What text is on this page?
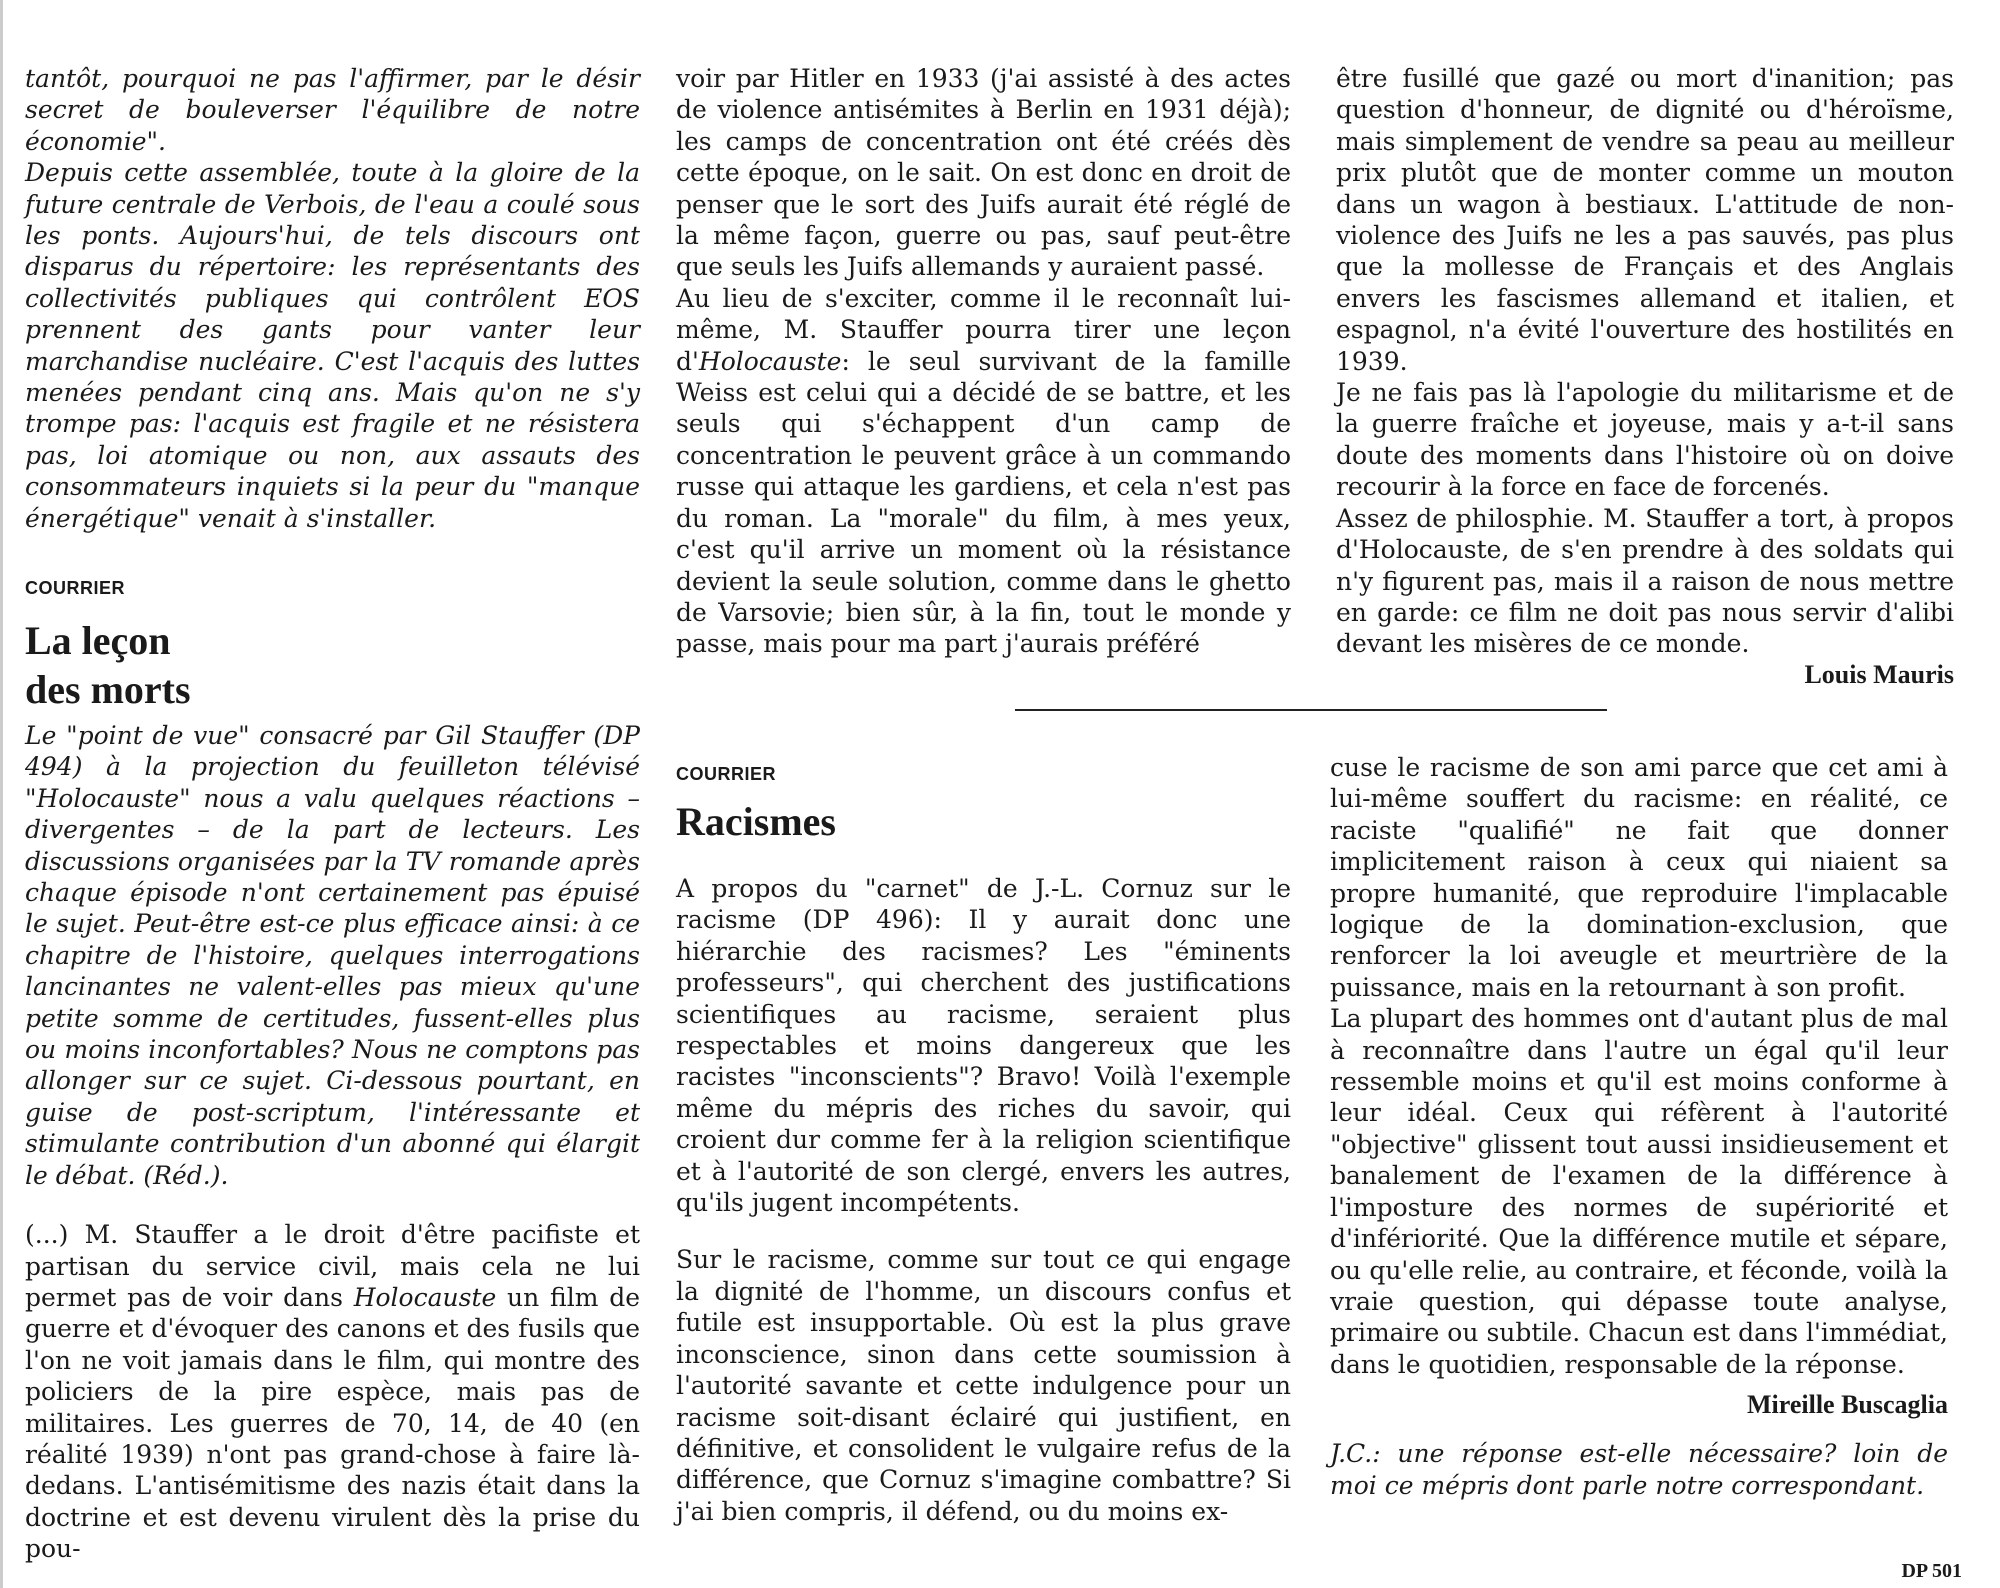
tantôt, pourquoi ne pas l'affirmer, par le désir secret de bouleverser l'équilibre de notre économie".

Depuis cette assemblée, toute à la gloire de la future centrale de Verbois, de l'eau a coulé sous les ponts. Aujours'hui, de tels discours ont disparus du répertoire: les représentants des collectivités publiques qui contrôlent EOS prennent des gants pour vanter leur marchandise nucléaire. C'est l'acquis des luttes menées pendant cinq ans. Mais qu'on ne s'y trompe pas: l'acquis est fragile et ne résistera pas, loi atomique ou non, aux assauts des consommateurs inquiets si la peur du "manque énergétique" venait à s'installer.

COURRIER

La leçon
des morts

Le "point de vue" consacré par Gil Stauffer (DP 494) à la projection du feuilleton télévisé "Holocauste" nous a valu quelques réactions – divergentes – de la part de lecteurs. Les discussions organisées par la TV romande après chaque épisode n'ont certainement pas épuisé le sujet. Peut-être est-ce plus efficace ainsi: à ce chapitre de l'histoire, quelques interrogations lancinantes ne valent-elles pas mieux qu'une petite somme de certitudes, fussent-elles plus ou moins inconfortables? Nous ne comptons pas allonger sur ce sujet. Ci-dessous pourtant, en guise de post-scriptum, l'intéressante et stimulante contribution d'un abonné qui élargit le débat. (Réd.).

(...) M. Stauffer a le droit d'être pacifiste et partisan du service civil, mais cela ne lui permet pas de voir dans Holocauste un film de guerre et d'évoquer des canons et des fusils que l'on ne voit jamais dans le film, qui montre des policiers de la pire espèce, mais pas de militaires. Les guerres de 70, 14, de 40 (en réalité 1939) n'ont pas grand-chose à faire là-dedans. L'antisémitisme des nazis était dans la doctrine et est devenu virulent dès la prise du pou-

voir par Hitler en 1933 (j'ai assisté à des actes de violence antisémites à Berlin en 1931 déjà); les camps de concentration ont été créés dès cette époque, on le sait. On est donc en droit de penser que le sort des Juifs aurait été réglé de la même façon, guerre ou pas, sauf peut-être que seuls les Juifs allemands y auraient passé.

Au lieu de s'exciter, comme il le reconnaît lui-même, M. Stauffer pourra tirer une leçon d'Holocauste: le seul survivant de la famille Weiss est celui qui a décidé de se battre, et les seuls qui s'échappent d'un camp de concentration le peuvent grâce à un commando russe qui attaque les gardiens, et cela n'est pas du roman. La "morale" du film, à mes yeux, c'est qu'il arrive un moment où la résistance devient la seule solution, comme dans le ghetto de Varsovie; bien sûr, à la fin, tout le monde y passe, mais pour ma part j'aurais préféré

être fusillé que gazé ou mort d'inanition; pas question d'honneur, de dignité ou d'héroïsme, mais simplement de vendre sa peau au meilleur prix plutôt que de monter comme un mouton dans un wagon à bestiaux. L'attitude de non-violence des Juifs ne les a pas sauvés, pas plus que la mollesse de Français et des Anglais envers les fascismes allemand et italien, et espagnol, n'a évité l'ouverture des hostilités en 1939.

Je ne fais pas là l'apologie du militarisme et de la guerre fraîche et joyeuse, mais y a-t-il sans doute des moments dans l'histoire où on doive recourir à la force en face de forcenés.

Assez de philosphie. M. Stauffer a tort, à propos d'Holocauste, de s'en prendre à des soldats qui n'y figurent pas, mais il a raison de nous mettre en garde: ce film ne doit pas nous servir d'alibi devant les misères de ce monde.

Louis Mauris

COURRIER

Racismes

A propos du "carnet" de J.-L. Cornuz sur le racisme (DP 496): Il y aurait donc une hiérarchie des racismes? Les "éminents professeurs", qui cherchent des justifications scientifiques au racisme, seraient plus respectables et moins dangereux que les racistes "inconscients"? Bravo! Voilà l'exemple même du mépris des riches du savoir, qui croient dur comme fer à la religion scientifique et à l'autorité de son clergé, envers les autres, qu'ils jugent incompétents.

Sur le racisme, comme sur tout ce qui engage la dignité de l'homme, un discours confus et futile est insupportable. Où est la plus grave inconscience, sinon dans cette soumission à l'autorité savante et cette indulgence pour un racisme soit-disant éclairé qui justifient, en définitive, et consolident le vulgaire refus de la différence, que Cornuz s'imagine combattre? Si j'ai bien compris, il défend, ou du moins ex-

cuse le racisme de son ami parce que cet ami à lui-même souffert du racisme: en réalité, ce raciste "qualifié" ne fait que donner implicitement raison à ceux qui niaient sa propre humanité, que reproduire l'implacable logique de la domination-exclusion, que renforcer la loi aveugle et meurtrière de la puissance, mais en la retournant à son profit.

La plupart des hommes ont d'autant plus de mal à reconnaître dans l'autre un égal qu'il leur ressemble moins et qu'il est moins conforme à leur idéal. Ceux qui réfèrent à l'autorité "objective" glissent tout aussi insidieusement et banalement de l'examen de la différence à l'imposture des normes de supériorité et d'infériorité. Que la différence mutile et sépare, ou qu'elle relie, au contraire, et féconde, voilà la vraie question, qui dépasse toute analyse, primaire ou subtile. Chacun est dans l'immédiat, dans le quotidien, responsable de la réponse.

Mireille Buscaglia

J.C.: une réponse est-elle nécessaire? loin de moi ce mépris dont parle notre correspondant.

DP 501
